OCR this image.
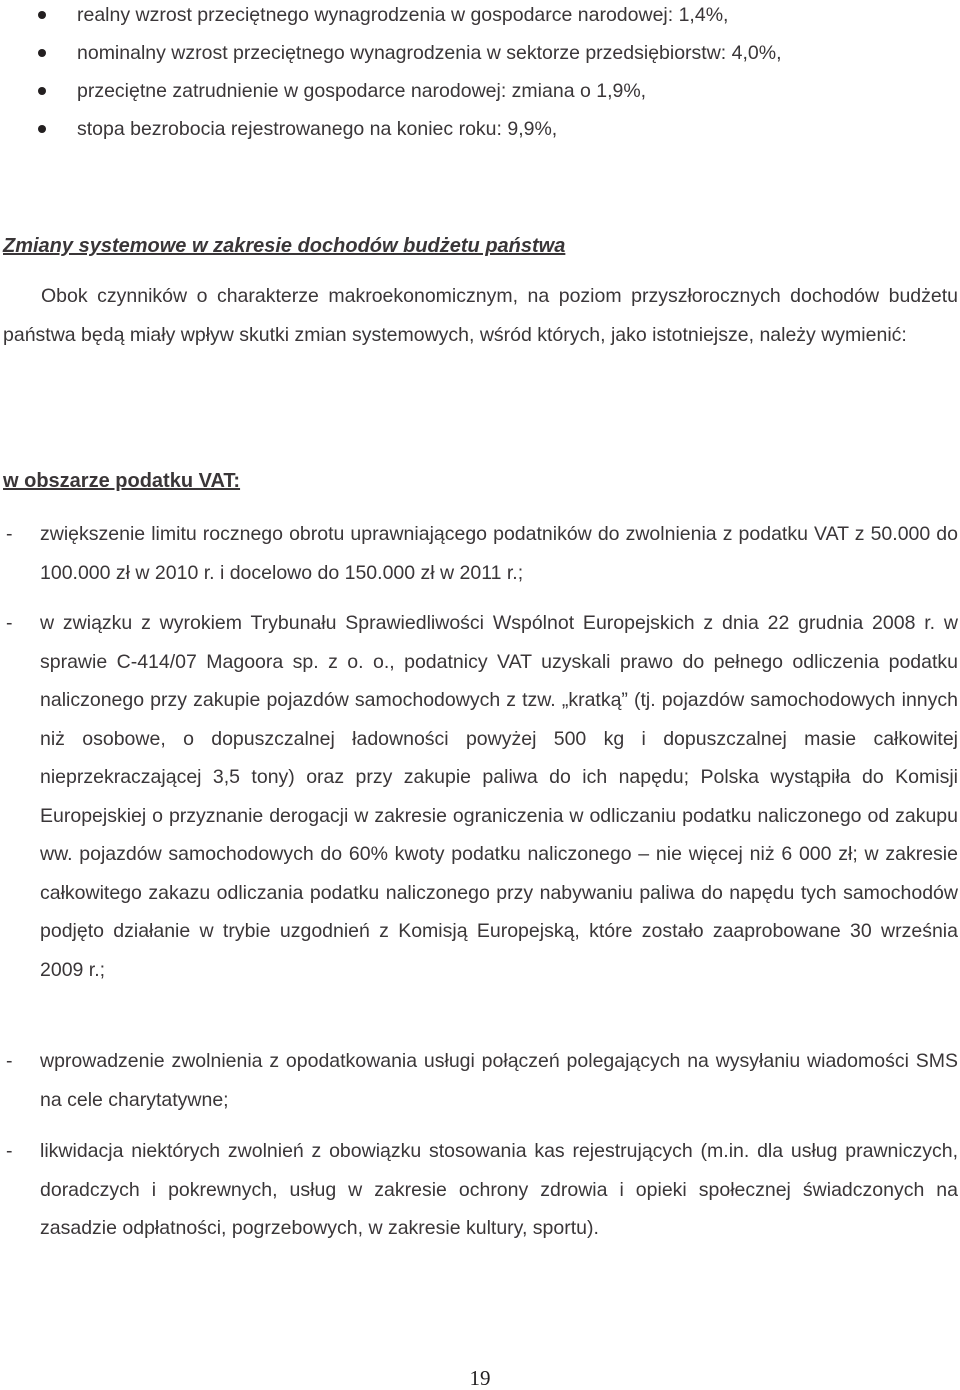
realny wzrost przeciętnego wynagrodzenia w gospodarce narodowej: 1,4%,
nominalny wzrost przeciętnego wynagrodzenia w sektorze przedsiębiorstw: 4,0%,
przeciętne zatrudnienie w gospodarce narodowej: zmiana o 1,9%,
stopa bezrobocia rejestrowanego na koniec roku: 9,9%,
Zmiany systemowe w zakresie dochodów budżetu państwa

Obok czynników o charakterze makroekonomicznym, na poziom przyszłorocznych dochodów budżetu państwa będą miały wpływ skutki zmian systemowych, wśród których, jako istotniejsze, należy wymienić:

w obszarze podatku VAT:
- zwiększenie limitu rocznego obrotu uprawniającego podatników do zwolnienia z podatku VAT z 50.000 do 100.000 zł w 2010 r. i docelowo do 150.000 zł w 2011 r.;

- w związku z wyrokiem Trybunału Sprawiedliwości Wspólnot Europejskich z dnia 22 grudnia 2008 r. w sprawie C-414/07 Magoora sp. z o. o., podatnicy VAT uzyskali prawo do pełnego odliczenia podatku naliczonego przy zakupie pojazdów samochodowych z tzw. „kratką” (tj. pojazdów samochodowych innych niż osobowe, o dopuszczalnej ładowności powyżej 500 kg i dopuszczalnej masie całkowitej nieprzekraczającej 3,5 tony) oraz przy zakupie paliwa do ich napędu; Polska wystąpiła do Komisji Europejskiej o przyznanie derogacji w zakresie ograniczenia w odliczaniu podatku naliczonego od zakupu ww. pojazdów samochodowych do 60% kwoty podatku naliczonego – nie więcej niż 6 000 zł; w zakresie całkowitego zakazu odliczania podatku naliczonego przy nabywaniu paliwa do napędu tych samochodów podjęto działanie w trybie uzgodnień z Komisją Europejską, które zostało zaaprobowane 30 września 2009 r.;

- wprowadzenie zwolnienia z opodatkowania usługi połączeń polegających na wysyłaniu wiadomości SMS na cele charytatywne;

- likwidacja niektórych zwolnień z obowiązku stosowania kas rejestrujących (m.in. dla usług prawniczych, doradczych i pokrewnych, usług w zakresie ochrony zdrowia i opieki społecznej świadczonych na zasadzie odpłatności, pogrzebowych, w zakresie kultury, sportu).

19
